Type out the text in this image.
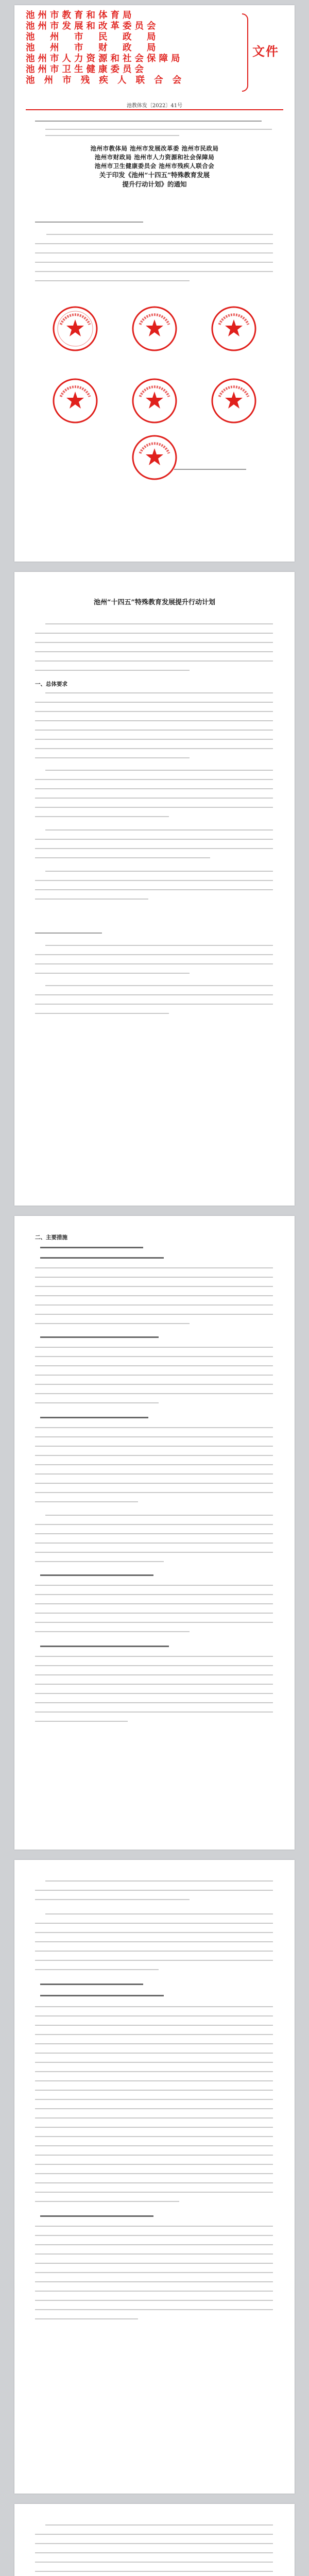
池州市教育和体育局
池州市发展和改革委员会
池　州　市　民　政　局
池　州　市　财　政　局
池州市人力资源和社会保障局
池州市卫生健康委员会
池 州 市 残 疾 人 联 合 会
文件
池教体发〔2022〕41号
池州市教体局 池州市发展改革委 池州市民政局
池州市财政局 池州市人力资源和社会保障局
池州市卫生健康委员会 池州市残疾人联合会
关于印发《池州“十四五”特殊教育发展
提升行动计划》的通知
池州“十四五”特殊教育发展提升行动计划
一、总体要求
二、主要措施
